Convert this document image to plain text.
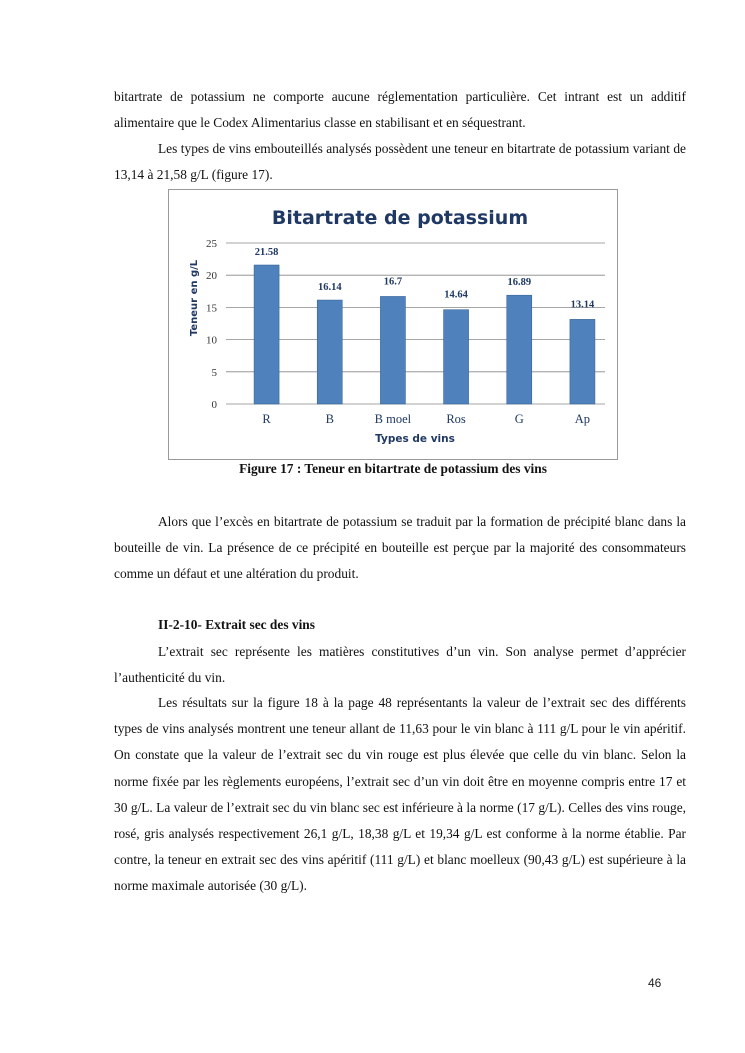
bitartrate de potassium ne comporte aucune réglementation particulière. Cet intrant est un additif alimentaire que le Codex Alimentarius classe en stabilisant et en séquestrant.

Les types de vins embouteillés analysés possèdent une teneur en bitartrate de potassium variant de 13,14 à 21,58 g/L (figure 17).

Bitartrate de potassium
0
5
10
15
20
25
21.58
16.14
16.7
14.64
16.89
13.14
R	B	B moel	Ros	G	Ap
Types de vins
Teneur en g/L

Figure 17 : Teneur en bitartrate de potassium des vins

Alors que l’excès en bitartrate de potassium se traduit par la formation de précipité blanc dans la bouteille de vin. La présence de ce précipité en bouteille est perçue par la majorité des consommateurs comme un défaut et une altération du produit.

II-2-10- Extrait sec des vins

L’extrait sec représente les matières constitutives d’un vin. Son analyse permet d’apprécier l’authenticité du vin.

Les résultats sur la figure 18 à la page 48 représentants la valeur de l’extrait sec des différents types de vins analysés montrent une teneur allant de 11,63 pour le vin blanc à 111 g/L pour le vin apéritif. On constate que la valeur de l’extrait sec du vin rouge est plus élevée que celle du vin blanc. Selon la norme fixée par les règlements européens, l’extrait sec d’un vin doit être en moyenne compris entre 17 et 30 g/L. La valeur de l’extrait sec du vin blanc sec est inférieure à la norme (17 g/L). Celles des vins rouge, rosé, gris analysés respectivement 26,1 g/L, 18,38 g/L et 19,34 g/L est conforme à la norme établie. Par contre, la teneur en extrait sec des vins apéritif (111 g/L) et blanc moelleux (90,43 g/L) est supérieure à la norme maximale autorisée (30 g/L).

46
